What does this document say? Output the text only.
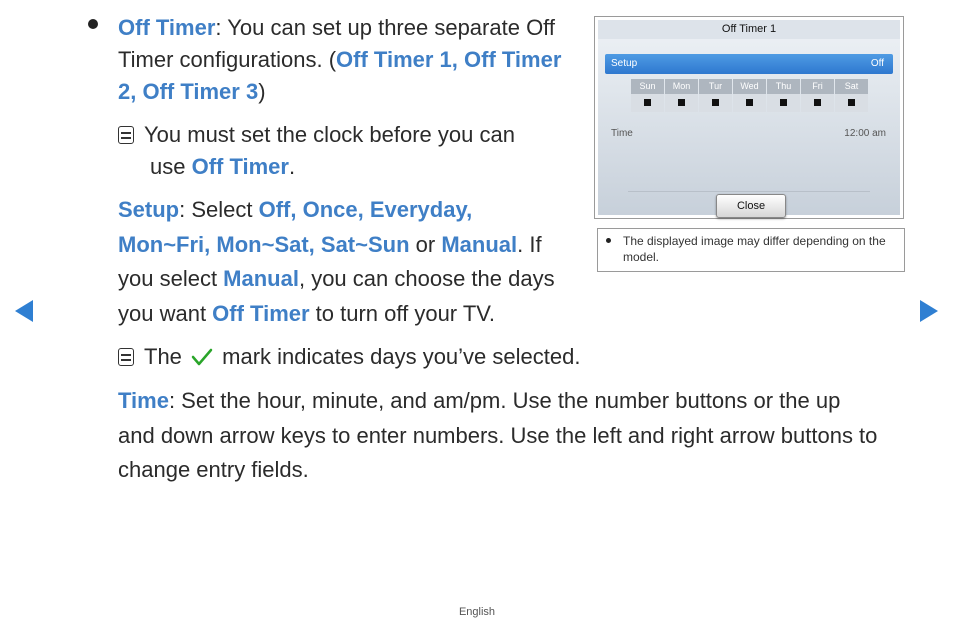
Off Timer: You can set up three separate Off
Timer configurations. (Off Timer 1, Off Timer
2, Off Timer 3)
You must set the clock before you can
use Off Timer.
Setup: Select Off, Once, Everyday,
Mon~Fri, Mon~Sat, Sat~Sun or Manual. If
you select Manual, you can choose the days
you want Off Timer to turn off your TV.
The mark indicates days you’ve selected.
Time: Set the hour, minute, and am/pm. Use the number buttons or the up
and down arrow keys to enter numbers. Use the left and right arrow buttons to
change entry fields.
Off Timer 1
Setup	Off
Sun	Mon	Tur	Wed	Thu	Fri	Sat
Time	12:00 am
Close
The displayed image may differ depending on the model.
English
